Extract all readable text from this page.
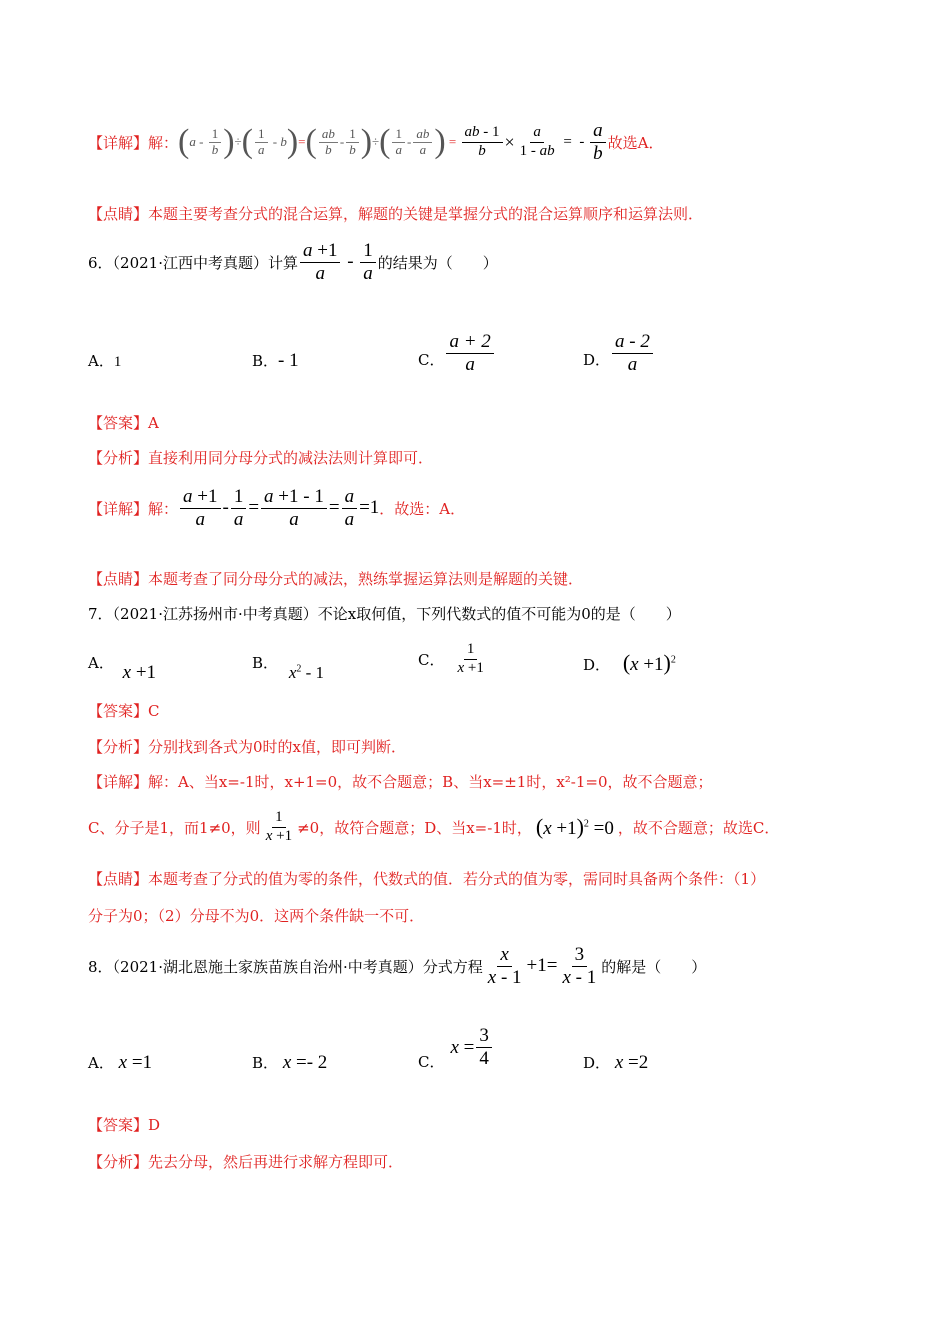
【详解】 解： ( a - $\frac{1}{b}$ ) ÷ ( $\frac{1}{a}$ - b ) = ( $\frac{ab}{b} - \frac{1}{b}$ ) ÷ ( $\frac{1}{a} - \frac{ab}{a}$ ) = $\frac{ab - 1}{b} \times \frac{a}{1 - ab}$ = - $\frac{a}{b}$ 故选A．
【点睛】本题主要考查分式的混合运算，解题的关键是掌握分式的混合运算顺序和运算法则．
6．（2021·江西中考真题）计算 $\frac{a +1}{a} - \frac{1}{a}$ 的结果为（　　）
A．1	B．- 1	C． $\frac{a + 2}{a}$	D． $\frac{a - 2}{a}$
【答案】A
【分析】直接利用同分母分式的减法法则计算即可．
【详解】 解： $\frac{a +1}{a} - \frac{1}{a} = \frac{a +1 - 1}{a} = \frac{a}{a} =1$ ．故选：A．
【点睛】本题考查了同分母分式的减法，熟练掌握运算法则是解题的关键．
7．（2021·江苏扬州市·中考真题）不论x取何值，下列代数式的值不可能为0的是（　　）
A． x +1	B． $x^2 - 1$
C． $\frac{1}{x +1}$	D． $(x +1)^2$
【答案】C
【分析】分别找到各式为0时的x值，即可判断．
【详解】解：A、当x=-1时，x+1=0，故不合题意；B、当x=±1时，x²-1=0，故不合题意；
C、分子是1，而1≠0，则 $\frac{1}{x +1} \ne 0$，故符合题意；D、当x=-1时， $(x +1)^2 =0$ ，故不合题意；故选C．
【点睛】本题考查了分式的值为零的条件，代数式的值．若分式的值为零，需同时具备两个条件：（1）
分子为0；（2）分母不为0．这两个条件缺一不可．
8．（2021·湖北恩施土家族苗族自治州·中考真题）分式方程 $\frac{x}{x - 1} +1= \frac{3}{x - 1}$ 的解是（　　）
A． x =1	B． x =- 2	C．
$x = \frac{3}{4}$	D． x =2
【答案】D
【分析】先去分母，然后再进行求解方程即可．
